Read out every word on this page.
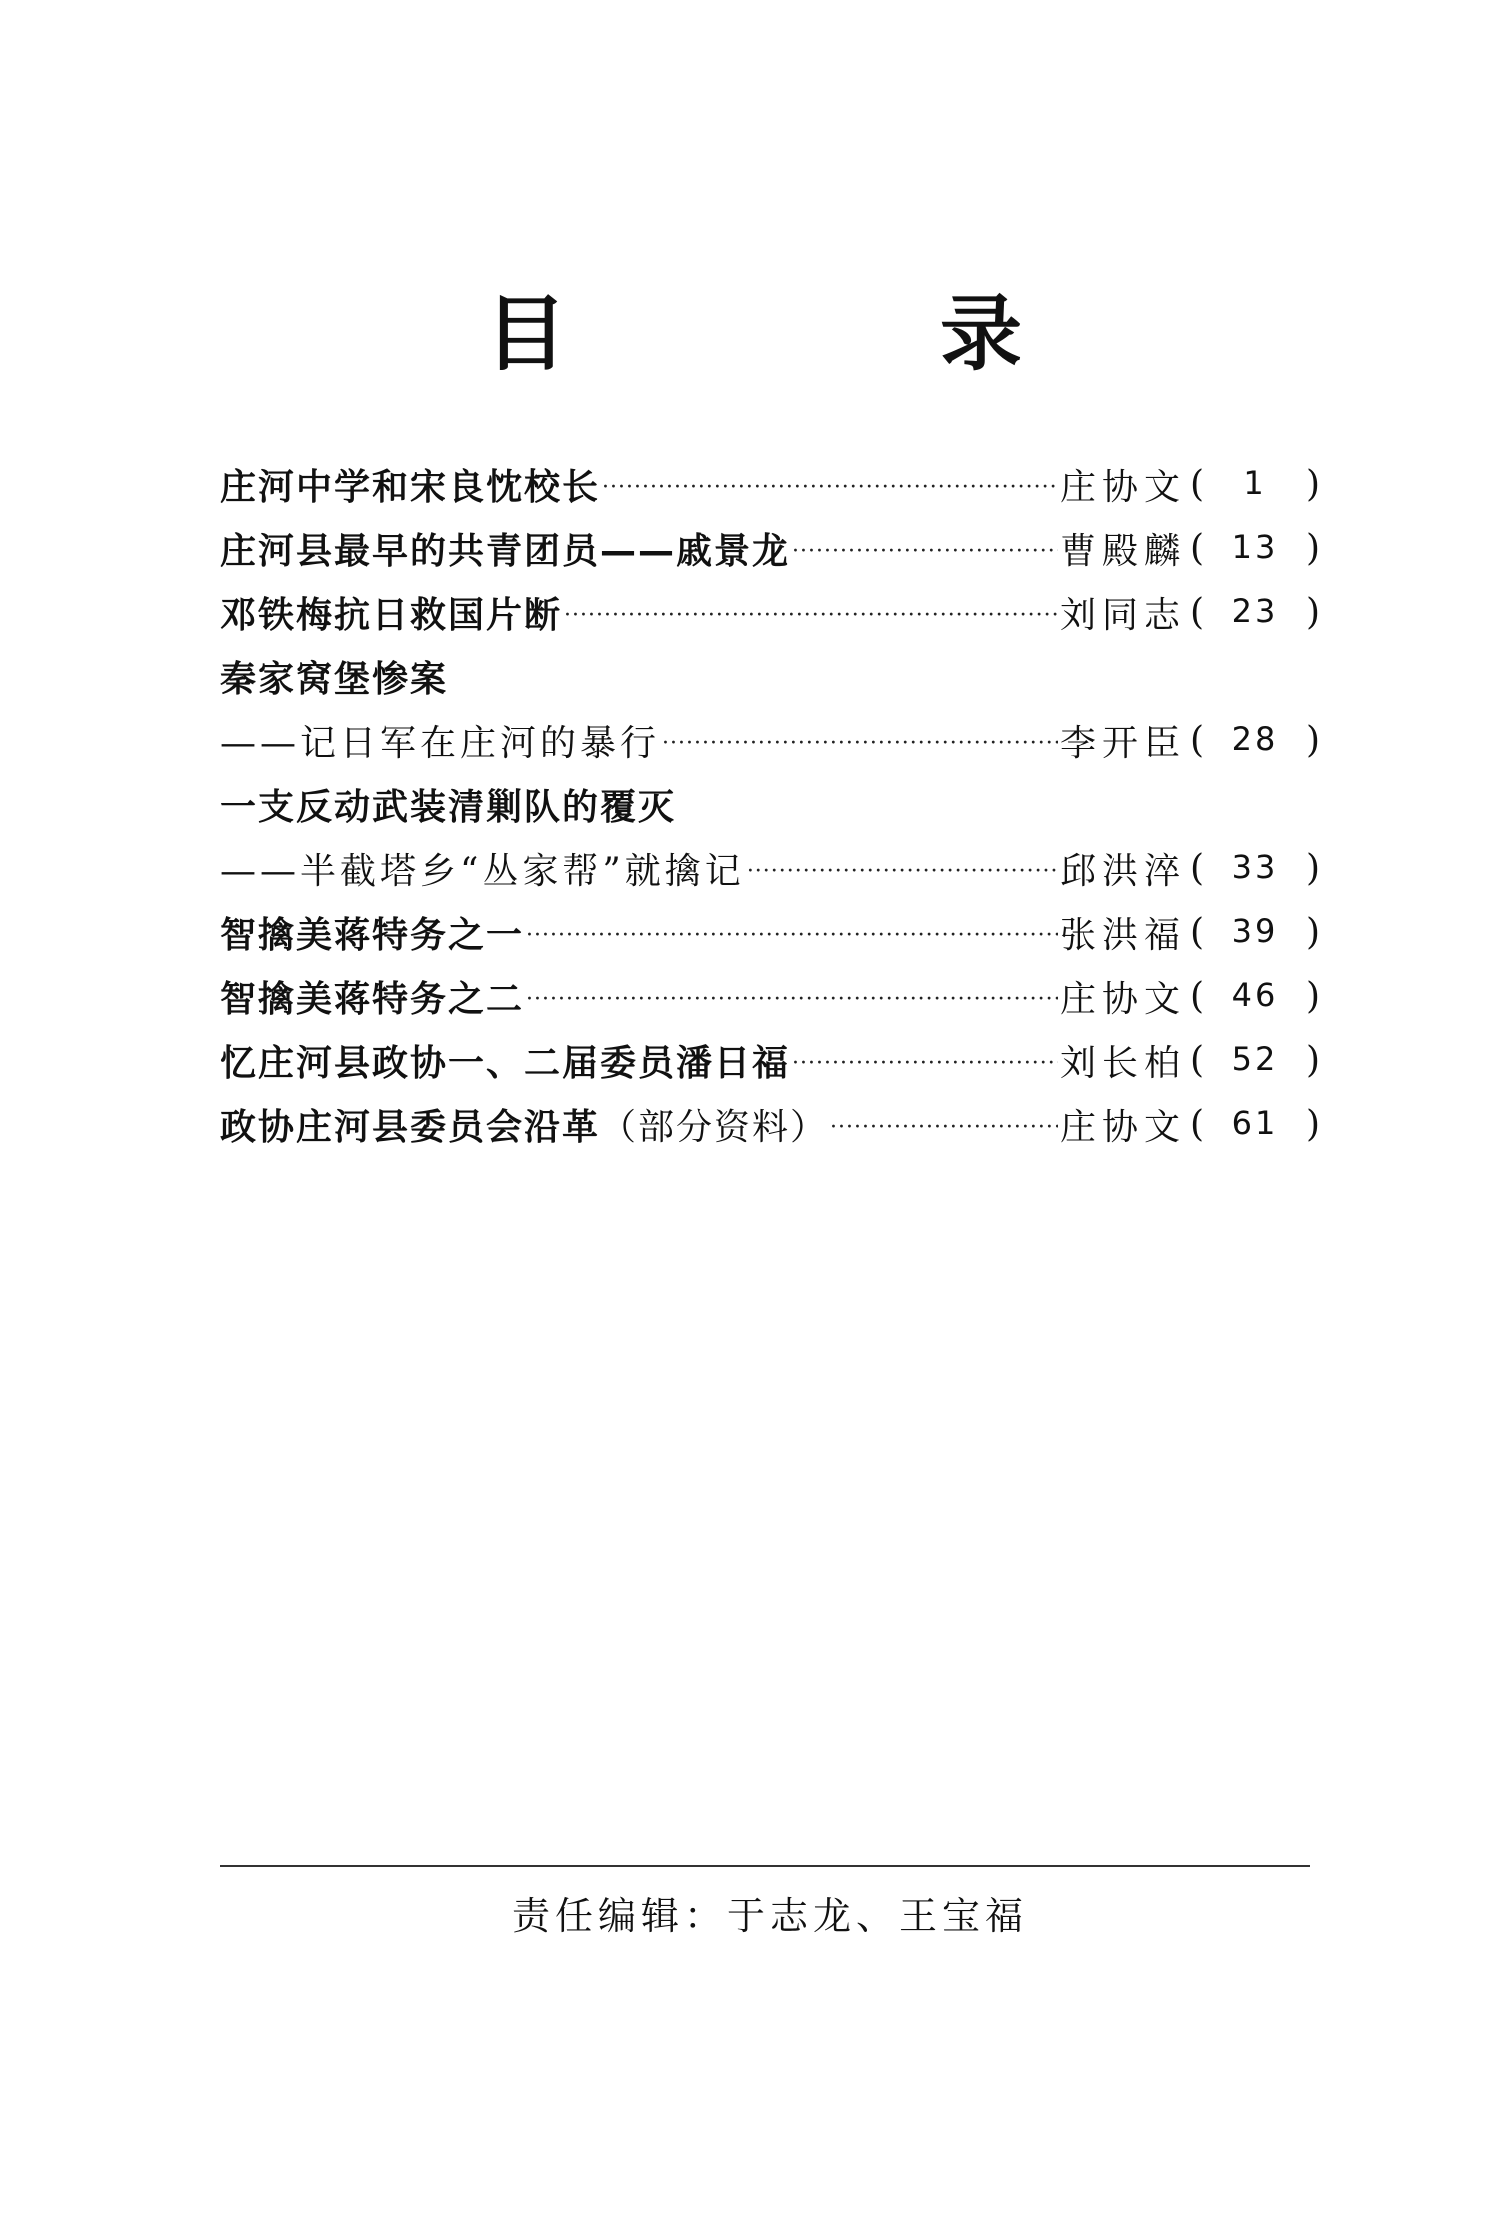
目	录
庄河中学和宋良忱校长 ·····	庄协文 ( 1 )
庄河县最早的共青团员——戚景龙 ·····	曹殿麟 ( 13 )
邓铁梅抗日救国片断 ·····	刘同志 ( 23 )
秦家窝堡惨案
——记日军在庄河的暴行 ·····	李开臣 ( 28 )
一支反动武装清剿队的覆灭
——半截塔乡“丛家帮”就擒记 ·····	邱洪淬 ( 33 )
智擒美蒋特务之一 ·····	张洪福 ( 39 )
智擒美蒋特务之二 ·····	庄协文 ( 46 )
忆庄河县政协一、二届委员潘日福 ·····	刘长柏 ( 52 )
政协庄河县委员会沿革（部分资料） ·····	庄协文 ( 61 )
责任编辑：于志龙、王宝福
